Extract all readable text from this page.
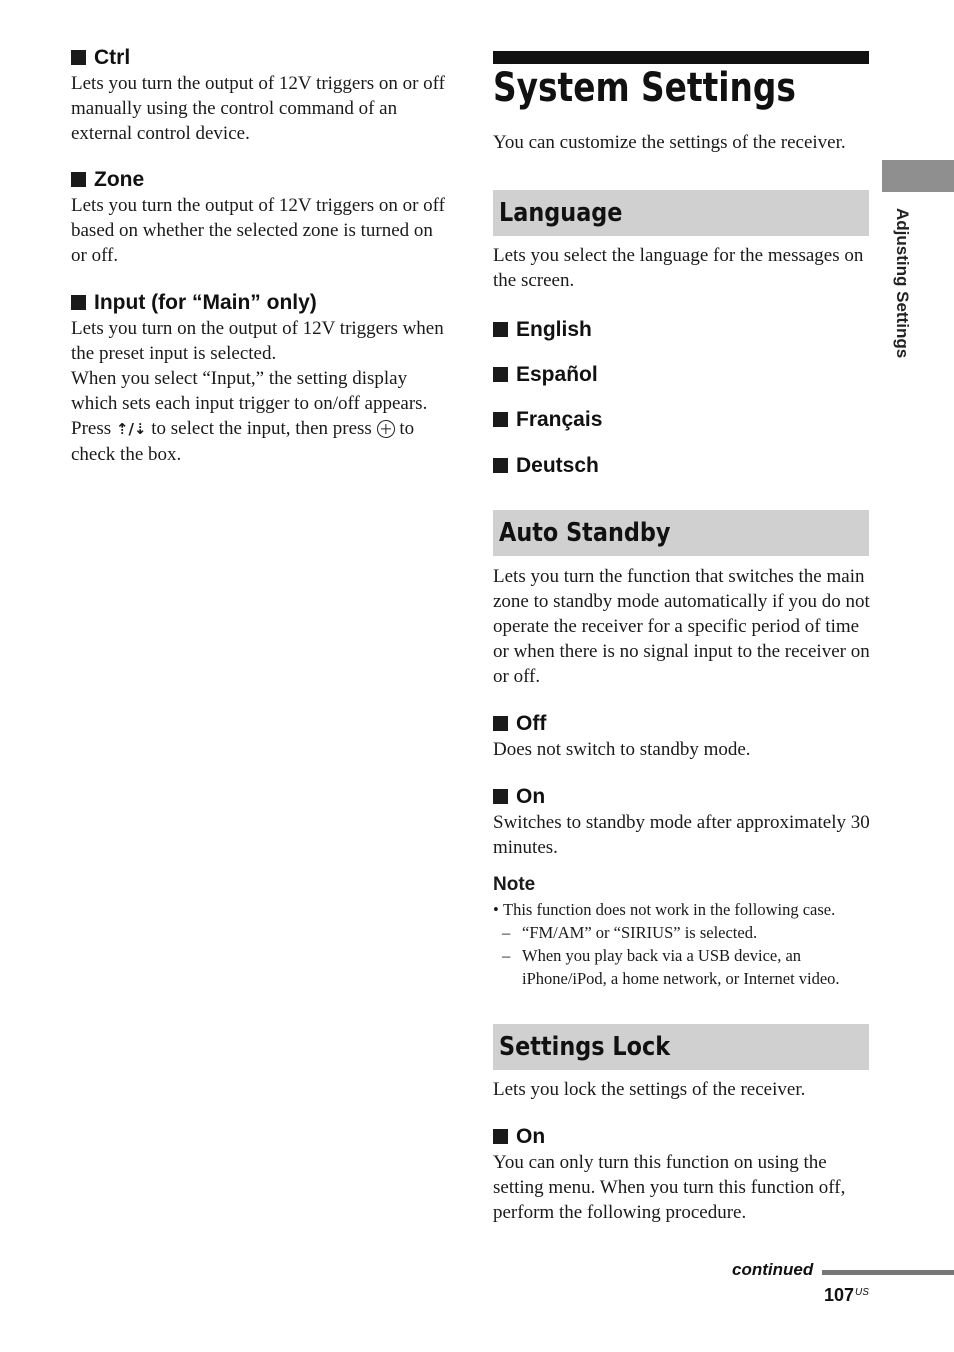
Ctrl
Lets you turn the output of 12V triggers on or off manually using the control command of an external control device.
Zone
Lets you turn the output of 12V triggers on or off based on whether the selected zone is turned on or off.
Input (for “Main” only)
Lets you turn on the output of 12V triggers when the preset input is selected.
When you select “Input,” the setting display which sets each input trigger to on/off appears.
Press ⇡/⇣ to select the input, then press to check the box.
System Settings
You can customize the settings of the receiver.
Language
Lets you select the language for the messages on the screen.
English
Español
Français
Deutsch
Auto Standby
Lets you turn the function that switches the main zone to standby mode automatically if you do not operate the receiver for a specific period of time or when there is no signal input to the receiver on or off.
Off
Does not switch to standby mode.
On
Switches to standby mode after approximately 30 minutes.
Note
• This function does not work in the following case.
– “FM/AM” or “SIRIUS” is selected.
– When you play back via a USB device, an iPhone/iPod, a home network, or Internet video.
Settings Lock
Lets you lock the settings of the receiver.
On
You can only turn this function on using the setting menu. When you turn this function off, perform the following procedure.
Adjusting Settings
continued
$107^{US}$
